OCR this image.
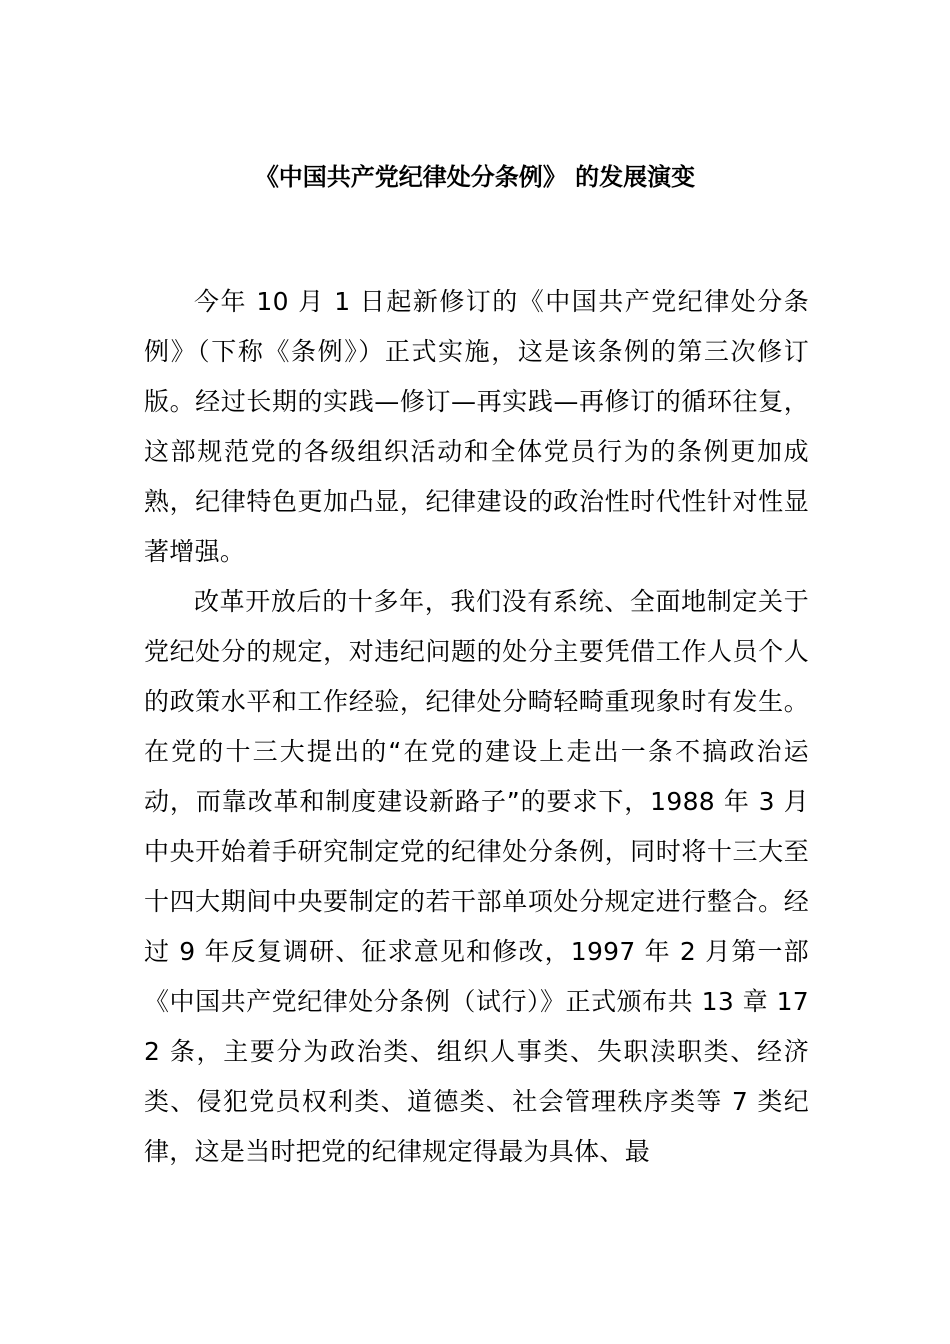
《中国共产党纪律处分条例》 的发展演变

今年 10 月 1 日起新修订的《中国共产党纪律处分条例》（下称《条例》）正式实施，这是该条例的第三次修订版。经过长期的实践—修订—再实践—再修订的循环往复，这部规范党的各级组织活动和全体党员行为的条例更加成熟，纪律特色更加凸显，纪律建设的政治性时代性针对性显著增强。

改革开放后的十多年，我们没有系统、全面地制定关于党纪处分的规定，对违纪问题的处分主要凭借工作人员个人的政策水平和工作经验，纪律处分畸轻畸重现象时有发生。在党的十三大提出的“在党的建设上走出一条不搞政治运动，而靠改革和制度建设新路子”的要求下，1988 年 3 月中央开始着手研究制定党的纪律处分条例，同时将十三大至十四大期间中央要制定的若干部单项处分规定进行整合。经过 9 年反复调研、征求意见和修改，1997 年 2 月第一部《中国共产党纪律处分条例（试行）》正式颁布共 13 章 172 条，主要分为政治类、组织人事类、失职渎职类、经济类、侵犯党员权利类、道德类、社会管理秩序类等 7 类纪律，这是当时把党的纪律规定得最为具体、最
